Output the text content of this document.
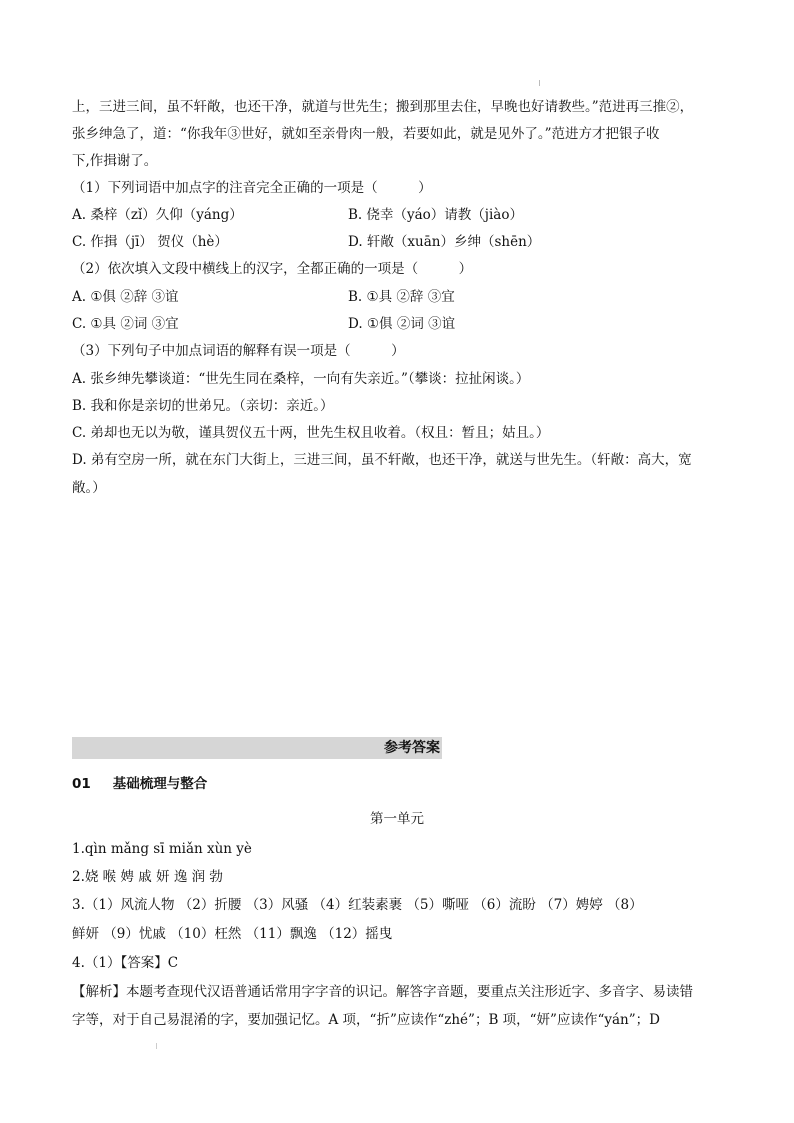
上，三进三间，虽不轩敞，也还干净，就道与世先生；搬到那里去住，早晚也好请教些。”范进再三推②，
张乡绅急了，道：“你我年③世好，就如至亲骨肉一般，若要如此，就是见外了。”范进方才把银子收
下,作揖谢了。
（1）下列词语中加点字的注音完全正确的一项是（　　　）
A. 桑梓（zǐ）久仰（yáng）	B. 侥幸（yáo）请教（jiào）
C. 作揖（jī） 贺仪（hè）	D. 轩敞（xuān）乡绅（shēn）
（2）依次填入文段中横线上的汉字，全都正确的一项是（　　　）
A. ①俱 ②辞 ③谊	B. ①具 ②辞 ③宜
C. ①具 ②词 ③宜	D. ①俱 ②词 ③谊
（3）下列句子中加点词语的解释有误一项是（　　　）
A. 张乡绅先攀谈道：“世先生同在桑梓，一向有失亲近。”（攀谈：拉扯闲谈。）
B. 我和你是亲切的世弟兄。（亲切：亲近。）
C. 弟却也无以为敬，谨具贺仪五十两，世先生权且收着。（权且：暂且；姑且。）
D. 弟有空房一所，就在东门大街上，三进三间，虽不轩敞，也还干净，就送与世先生。（轩敞：高大，宽
敞。）
参考答案
01 基础梳理与整合
第一单元
1.qìn mǎng sī miǎn xùn yè
2.娆 喉 娉 戚 妍 逸 润 勃
3.（1）风流人物 （2）折腰 （3）风骚 （4）红装素裹 （5）嘶哑 （6）流盼 （7）娉婷 （8）
鲜妍 （9）忧戚 （10）枉然 （11）飘逸 （12）摇曳
4.（1）【答案】C
【解析】本题考查现代汉语普通话常用字字音的识记。解答字音题，要重点关注形近字、多音字、易读错
字等，对于自己易混淆的字，要加强记忆。A 项，“折”应读作“zhé”；B 项，“妍”应读作“yán”；D
